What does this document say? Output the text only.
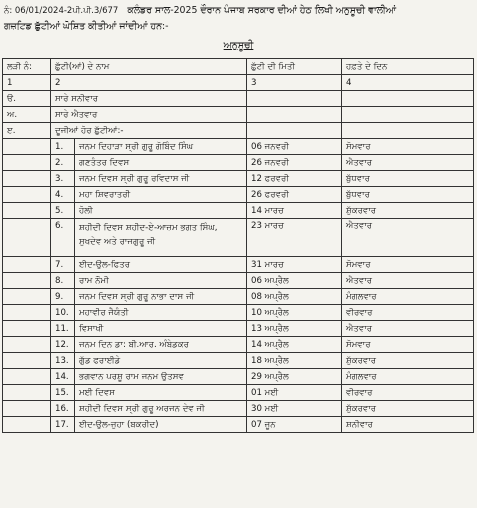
ਨੰ: 06/01/2024-2ਪੀ.ਪੀ.3/677 ਕਲੰਡਰ ਸਾਲ-2025 ਦੌਰਾਨ ਪੰਜਾਬ ਸਰਕਾਰ ਦੀਆਂ ਹੇਠ ਲਿਖੀ ਅਨੁਸੂਚੀ ਵਾਲੀਆਂ
ਗਜ਼ਟਿਡ ਛੁੱਟੀਆਂ ਘੋਸ਼ਿਤ ਕੀਤੀਆਂ ਜਾਂਦੀਆਂ ਹਨ:-
ਅਨੁਸੂਚੀ
ਲੜੀ ਨੰ:	ਛੁੱਟੀ(ਆਂ) ਦੇ ਨਾਮ		ਛੁੱਟੀ ਦੀ ਮਿਤੀ	ਹਫ਼ਤੇ ਦੇ ਦਿਨ
1	2		3	4
ੳ.	ਸਾਰੇ ਸਨੀਵਾਰ			
ਅ.	ਸਾਰੇ ਐਤਵਾਰ			
ੲ.	ਦੂਜੀਆਂ ਹੋਰ ਛੁੱਟੀਆਂ:-			
	1.	ਜਨਮ ਦਿਹਾੜਾ ਸ੍ਰੀ ਗੁਰੂ ਗੋਬਿੰਦ ਸਿੰਘ	06 ਜਨਵਰੀ	ਸੋਮਵਾਰ
	2.	ਗਣਤੰਤਰ ਦਿਵਸ	26 ਜਨਵਰੀ	ਐਤਵਾਰ
	3.	ਜਨਮ ਦਿਵਸ ਸ੍ਰੀ ਗੁਰੂ ਰਵਿਦਾਸ ਜੀ	12 ਫਰਵਰੀ	ਬੁੱਧਵਾਰ
	4.	ਮਹਾ ਸ਼ਿਵਰਾਤਰੀ	26 ਫਰਵਰੀ	ਬੁੱਧਵਾਰ
	5.	ਹੋਲੀ	14 ਮਾਰਚ	ਸ਼ੁੱਕਰਵਾਰ
	6.	ਸ਼ਹੀਦੀ ਦਿਵਸ ਸ਼ਹੀਦ-ਏ-ਆਜ਼ਮ ਭਗਤ ਸਿੰਘ, ਸੁਖਦੇਵ ਅਤੇ ਰਾਜਗੁਰੂ ਜੀ	23 ਮਾਰਚ	ਐਤਵਾਰ
	7.	ਈਦ-ਉਲ-ਫਿਤਰ	31 ਮਾਰਚ	ਸੋਮਵਾਰ
	8.	ਰਾਮ ਨੌਮੀ	06 ਅਪ੍ਰੈਲ	ਐਤਵਾਰ
	9.	ਜਨਮ ਦਿਵਸ ਸ੍ਰੀ ਗੁਰੂ ਨਾਭਾ ਦਾਸ ਜੀ	08 ਅਪ੍ਰੈਲ	ਮੰਗਲਵਾਰ
	10.	ਮਹਾਵੀਰ ਜੈਯੰਤੀ	10 ਅਪ੍ਰੈਲ	ਵੀਰਵਾਰ
	11.	ਵਿਸਾਖੀ	13 ਅਪ੍ਰੈਲ	ਐਤਵਾਰ
	12.	ਜਨਮ ਦਿਨ ਡਾ: ਬੀ.ਆਰ. ਅੰਬੇਡਕਰ	14 ਅਪ੍ਰੈਲ	ਸੋਮਵਾਰ
	13.	ਗੁੱਡ ਫਰਾਈਡੇ	18 ਅਪ੍ਰੈਲ	ਸ਼ੁੱਕਰਵਾਰ
	14.	ਭਗਵਾਨ ਪਰਸ਼ੂ ਰਾਮ ਜਨਮ ਉਤਸਵ	29 ਅਪ੍ਰੈਲ	ਮੰਗਲਵਾਰ
	15.	ਮਈ ਦਿਵਸ	01 ਮਈ	ਵੀਰਵਾਰ
	16.	ਸ਼ਹੀਦੀ ਦਿਵਸ ਸ੍ਰੀ ਗੁਰੂ ਅਰਜਨ ਦੇਵ ਜੀ	30 ਮਈ	ਸ਼ੁੱਕਰਵਾਰ
	17.	ਈਦ-ਉਲ-ਜੁਹਾ (ਬਕਰੀਦ)	07 ਜੂਨ	ਸ਼ਨੀਵਾਰ
